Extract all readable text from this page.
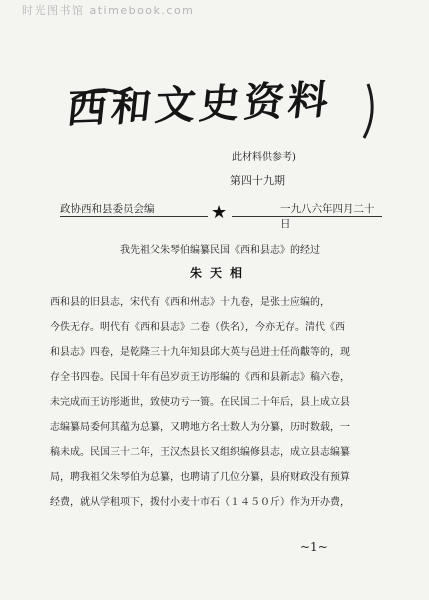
时光图书馆 atimebook.com
西和文史资料
此材料供参考)
第四十九期
政协西和县委员会编	★	一九八六年四月二十日
我先祖父朱琴伯编纂民国《西和县志》的经过
朱天相

西和县的旧县志，宋代有《西和州志》十九卷，是张士应编的，

今佚无存。明代有《西和县志》二卷（佚名），今亦无存。清代《西

和县志》四卷，是乾隆三十九年知县邱大英与邑进士任尚黻等的，现

存全书四卷。民国十年有邑岁贡王访彤编的《西和县新志》稿六卷，

未完成而王访彤逝世，致使功亏一篑。在民国二十年后，县上成立县

志编纂局委何其蕴为总纂，又聘地方名士数人为分纂，历时数载，一

稿未成。民国三十二年，王汉杰县长又组织编修县志，成立县志编纂

局，聘我祖父朱琴伯为总纂，也聘请了几位分纂，县府财政没有预算

经费，就从学租项下，拨付小麦十市石（１４５０斤）作为开办费，

~1~
